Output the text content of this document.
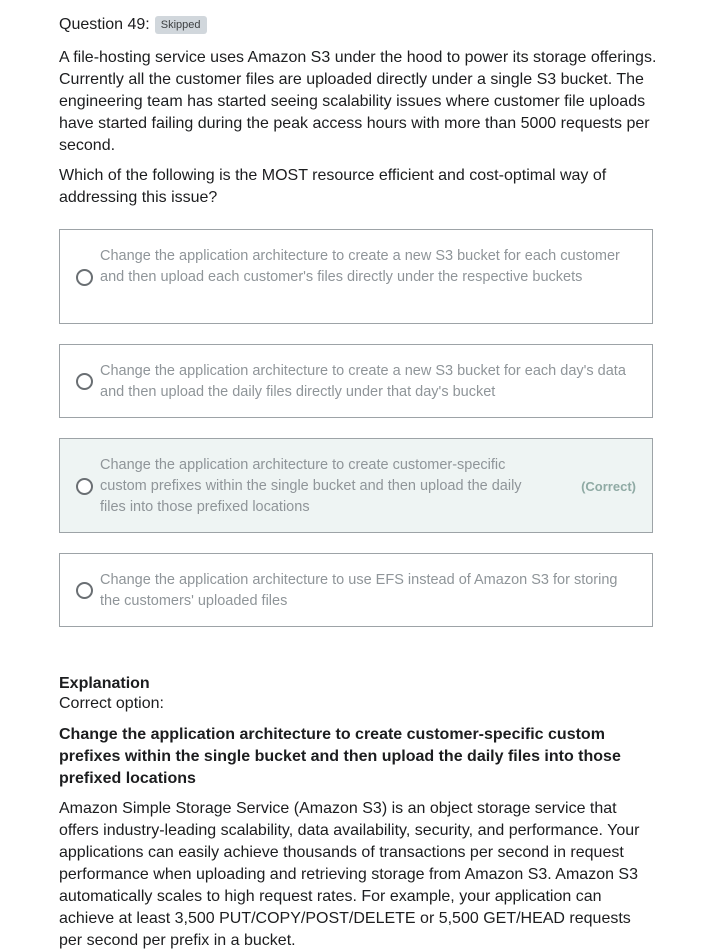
Question 49:	Skipped

A file-hosting service uses Amazon S3 under the hood to power its storage offerings. Currently all the customer files are uploaded directly under a single S3 bucket. The engineering team has started seeing scalability issues where customer file uploads have started failing during the peak access hours with more than 5000 requests per second.

Which of the following is the MOST resource efficient and cost-optimal way of addressing this issue?

Change the application architecture to create a new S3 bucket for each customer and then upload each customer's files directly under the respective buckets

Change the application architecture to create a new S3 bucket for each day's data and then upload the daily files directly under that day's bucket

Change the application architecture to create customer-specific custom prefixes within the single bucket and then upload the daily files into those prefixed locations

(Correct)

Change the application architecture to use EFS instead of Amazon S3 for storing the customers' uploaded files

Explanation

Correct option:

Change the application architecture to create customer-specific custom prefixes within the single bucket and then upload the daily files into those prefixed locations

Amazon Simple Storage Service (Amazon S3) is an object storage service that offers industry-leading scalability, data availability, security, and performance. Your applications can easily achieve thousands of transactions per second in request performance when uploading and retrieving storage from Amazon S3. Amazon S3 automatically scales to high request rates. For example, your application can achieve at least 3,500 PUT/COPY/POST/DELETE or 5,500 GET/HEAD requests per second per prefix in a bucket.
